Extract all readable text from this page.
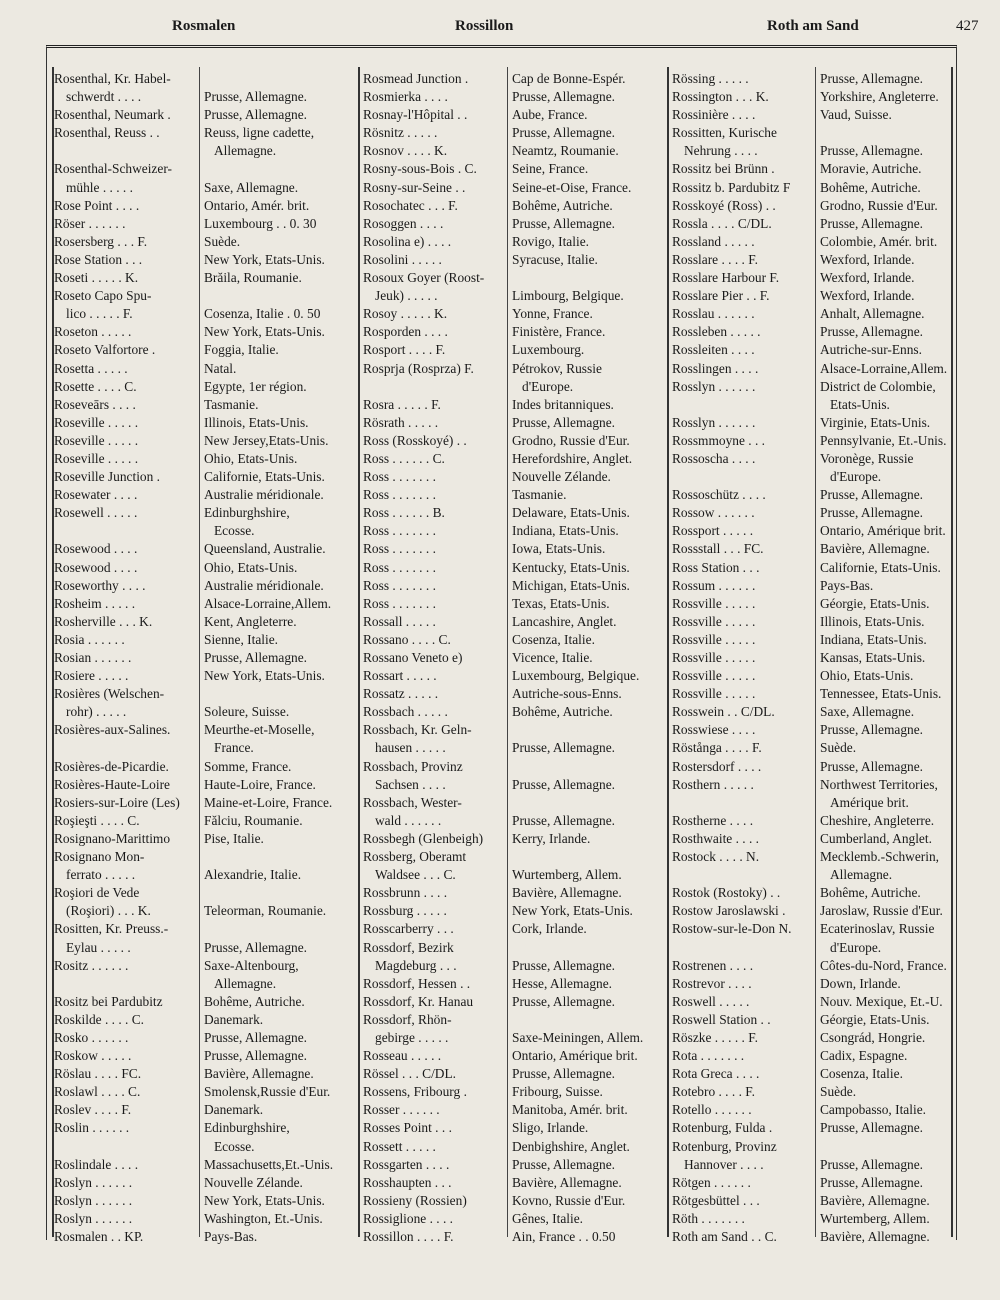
Rosmalen	Rossillon	Roth am Sand	427
Rosenthal, Kr. Habel-
schwerdt . . . .	Prusse, Allemagne.
Rosenthal, Neumark . Prusse, Allemagne.
Rosenthal, Reuss . .	Reuss, ligne cadette,
Allemagne.
Rosenthal-Schweizer-
mühle . . . . .	Saxe, Allemagne.
Rose Point . . . .	Ontario, Amér. brit.
Röser . . . . . .	Luxembourg . . 0. 30
Rosersberg . . . F.	Suède.
Rose Station . . .	New York, Etats-Unis.
Roseti . . . . . K.	Brăila, Roumanie.
Roseto Capo Spu-
lico . . . . . F.	Cosenza, Italie . 0. 50
Roseton . . . . .	New York, Etats-Unis.
Roseto Valfortore .	Foggia, Italie.
Rosetta . . . . .	Natal.
Rosette . . . . C.	Egypte, 1er région.
Roseveārs . . . .	Tasmanie.
Roseville . . . . .	Illinois, Etats-Unis.
Roseville . . . . .	New Jersey,Etats-Unis.
Roseville . . . . .	Ohio, Etats-Unis.
Roseville Junction .	Californie, Etats-Unis.
Rosewater . . . .	Australie méridionale.
Rosewell . . . . .	Edinburghshire,
Ecosse.
Rosewood . . . .	Queensland, Australie.
Rosewood . . . .	Ohio, Etats-Unis.
Roseworthy . . . .	Australie méridionale.
Rosheim . . . . .	Alsace-Lorraine,Allem.
Rosherville . . . K.	Kent, Angleterre.
Rosia . . . . . .	Sienne, Italie.
Rosian . . . . . .	Prusse, Allemagne.
Rosiere . . . . .	New York, Etats-Unis.
Rosières (Welschen-
rohr) . . . . .	Soleure, Suisse.
Rosières-aux-Salines.	Meurthe-et-Moselle,
France.
Rosières-de-Picardie.	Somme, France.
Rosières-Haute-Loire	Haute-Loire, France.
Rosiers-sur-Loire (Les) Maine-et-Loire, France.
Roşieşti . . . . C.	Fălciu, Roumanie.
Rosignano-Marittimo	Pise, Italie.
Rosignano Mon-
ferrato . . . . .	Alexandrie, Italie.
Roşiori de Vede
(Roşiori) . . . K.	Teleorman, Roumanie.
Rositten, Kr. Preuss.-
Eylau . . . . .	Prusse, Allemagne.
Rositz . . . . . .	Saxe-Altenbourg,
Allemagne.
Rositz bei Pardubitz	Bohême, Autriche.
Roskilde . . . . C.	Danemark.
Rosko . . . . . .	Prusse, Allemagne.
Roskow . . . . .	Prusse, Allemagne.
Röslau . . . . FC.	Bavière, Allemagne.
Roslawl . . . . C.	Smolensk,Russie d'Eur.
Roslev . . . . F.	Danemark.
Roslin . . . . . .	Edinburghshire,
Ecosse.
Roslindale . . . .	Massachusetts,Et.-Unis.
Roslyn . . . . . .	Nouvelle Zélande.
Roslyn . . . . . .	New York, Etats-Unis.
Roslyn . . . . . .	Washington, Et.-Unis.
Rosmalen . . KP.	Pays-Bas.
Rosmead Junction .	Cap de Bonne-Espér.
Rosmierka . . . .	Prusse, Allemagne.
Rosnay-l'Hôpital . .	Aube, France.
Rösnitz . . . . .	Prusse, Allemagne.
Rosnov . . . . K.	Neamtz, Roumanie.
Rosny-sous-Bois . C.	Seine, France.
Rosny-sur-Seine . .	Seine-et-Oise, France.
Rosochatec . . . F.	Bohême, Autriche.
Rosoggen . . . .	Prusse, Allemagne.
Rosolina e) . . . .	Rovigo, Italie.
Rosolini . . . . .	Syracuse, Italie.
Rosoux Goyer (Roost-
Jeuk) . . . . .	Limbourg, Belgique.
Rosoy . . . . . K.	Yonne, France.
Rosporden . . . .	Finistère, France.
Rosport . . . . F.	Luxembourg.
Rosprja (Rosprza) F.	Pétrokov, Russie
d'Europe.
Rosra . . . . . F.	Indes britanniques.
Rösrath . . . . .	Prusse, Allemagne.
Ross (Rosskoyé) . .	Grodno, Russie d'Eur.
Ross . . . . . . C.	Herefordshire, Anglet.
Ross . . . . . . .	Nouvelle Zélande.
Ross . . . . . . .	Tasmanie.
Ross . . . . . . B.	Delaware, Etats-Unis.
Ross . . . . . . .	Indiana, Etats-Unis.
Ross . . . . . . .	Iowa, Etats-Unis.
Ross . . . . . . .	Kentucky, Etats-Unis.
Ross . . . . . . .	Michigan, Etats-Unis.
Ross . . . . . . .	Texas, Etats-Unis.
Rossall . . . . .	Lancashire, Anglet.
Rossano . . . . C.	Cosenza, Italie.
Rossano Veneto e)	Vicence, Italie.
Rossart . . . . .	Luxembourg, Belgique.
Rossatz . . . . .	Autriche-sous-Enns.
Rossbach . . . . .	Bohême, Autriche.
Rossbach, Kr. Geln-
hausen . . . . .	Prusse, Allemagne.
Rossbach, Provinz
Sachsen . . . .	Prusse, Allemagne.
Rossbach, Wester-
wald . . . . . .	Prusse, Allemagne.
Rossbegh (Glenbeigh) Kerry, Irlande.
Rossberg, Oberamt
Waldsee . . . C.	Wurtemberg, Allem.
Rossbrunn . . . .	Bavière, Allemagne.
Rossburg . . . . .	New York, Etats-Unis.
Rosscarberry . . .	Cork, Irlande.
Rossdorf, Bezirk
Magdeburg . . .	Prusse, Allemagne.
Rossdorf, Hessen . .	Hesse, Allemagne.
Rossdorf, Kr. Hanau	Prusse, Allemagne.
Rossdorf, Rhön-
gebirge . . . . .	Saxe-Meiningen, Allem.
Rosseau . . . . .	Ontario, Amérique brit.
Rössel . . . C/DL.	Prusse, Allemagne.
Rossens, Fribourg .	Fribourg, Suisse.
Rosser . . . . . .	Manitoba, Amér. brit.
Rosses Point . . .	Sligo, Irlande.
Rossett . . . . .	Denbighshire, Anglet.
Rossgarten . . . .	Prusse, Allemagne.
Rosshaupten . . .	Bavière, Allemagne.
Rossieny (Rossien)	Kovno, Russie d'Eur.
Rossiglione . . . .	Gênes, Italie.
Rossillon . . . . F.	Ain, France . . 0.50
Rössing . . . . .	Prusse, Allemagne.
Rossington . . . K.	Yorkshire, Angleterre.
Rossinière . . . .	Vaud, Suisse.
Rossitten, Kurische
Nehrung . . . .	Prusse, Allemagne.
Rossitz bei Brünn .	Moravie, Autriche.
Rossitz b. Pardubitz F Bohême, Autriche.
Rosskoyé (Ross) . .	Grodno, Russie d'Eur.
Rossla . . . . C/DL.	Prusse, Allemagne.
Rossland . . . . .	Colombie, Amér. brit.
Rosslare . . . . F.	Wexford, Irlande.
Rosslare Harbour F.	Wexford, Irlande.
Rosslare Pier . . F.	Wexford, Irlande.
Rosslau . . . . . .	Anhalt, Allemagne.
Rossleben . . . . .	Prusse, Allemagne.
Rossleiten . . . .	Autriche-sur-Enns.
Rosslingen . . . .	Alsace-Lorraine,Allem.
Rosslyn . . . . . .	District de Colombie,
Etats-Unis.
Rosslyn . . . . . .	Virginie, Etats-Unis.
Rossmmoyne . . .	Pennsylvanie, Et.-Unis.
Rossoscha . . . .	Voronège, Russie
d'Europe.
Rossoschütz . . . .	Prusse, Allemagne.
Rossow . . . . . .	Prusse, Allemagne.
Rossport . . . . .	Ontario, Amérique brit.
Rossstall . . . FC.	Bavière, Allemagne.
Ross Station . . .	Californie, Etats-Unis.
Rossum . . . . . .	Pays-Bas.
Rossville . . . . .	Géorgie, Etats-Unis.
Rossville . . . . .	Illinois, Etats-Unis.
Rossville . . . . .	Indiana, Etats-Unis.
Rossville . . . . .	Kansas, Etats-Unis.
Rossville . . . . .	Ohio, Etats-Unis.
Rossville . . . . .	Tennessee, Etats-Unis.
Rosswein . . C/DL.	Saxe, Allemagne.
Rosswiese . . . .	Prusse, Allemagne.
Röstånga . . . . F.	Suède.
Rostersdorf . . . .	Prusse, Allemagne.
Rosthern . . . . .	Northwest Territories,
Amérique brit.
Rostherne . . . .	Cheshire, Angleterre.
Rosthwaite . . . .	Cumberland, Anglet.
Rostock . . . . N.	Mecklemb.-Schwerin,
Allemagne.
Rostok (Rostoky) . .	Bohême, Autriche.
Rostow Jaroslawski .	Jaroslaw, Russie d'Eur.
Rostow-sur-le-Don N. Ecaterinoslav, Russie
d'Europe.
Rostrenen . . . .	Côtes-du-Nord, France.
Rostrevor . . . .	Down, Irlande.
Roswell . . . . .	Nouv. Mexique, Et.-U.
Roswell Station . .	Géorgie, Etats-Unis.
Röszke . . . . . F.	Csongrád, Hongrie.
Rota . . . . . . .	Cadix, Espagne.
Rota Greca . . . .	Cosenza, Italie.
Rotebro . . . . F.	Suède.
Rotello . . . . . .	Campobasso, Italie.
Rotenburg, Fulda .	Prusse, Allemagne.
Rotenburg, Provinz
Hannover . . . .	Prusse, Allemagne.
Rötgen . . . . . .	Prusse, Allemagne.
Rötgesbüttel . . .	Bavière, Allemagne.
Röth . . . . . . .	Wurtemberg, Allem.
Roth am Sand . . C.	Bavière, Allemagne.
